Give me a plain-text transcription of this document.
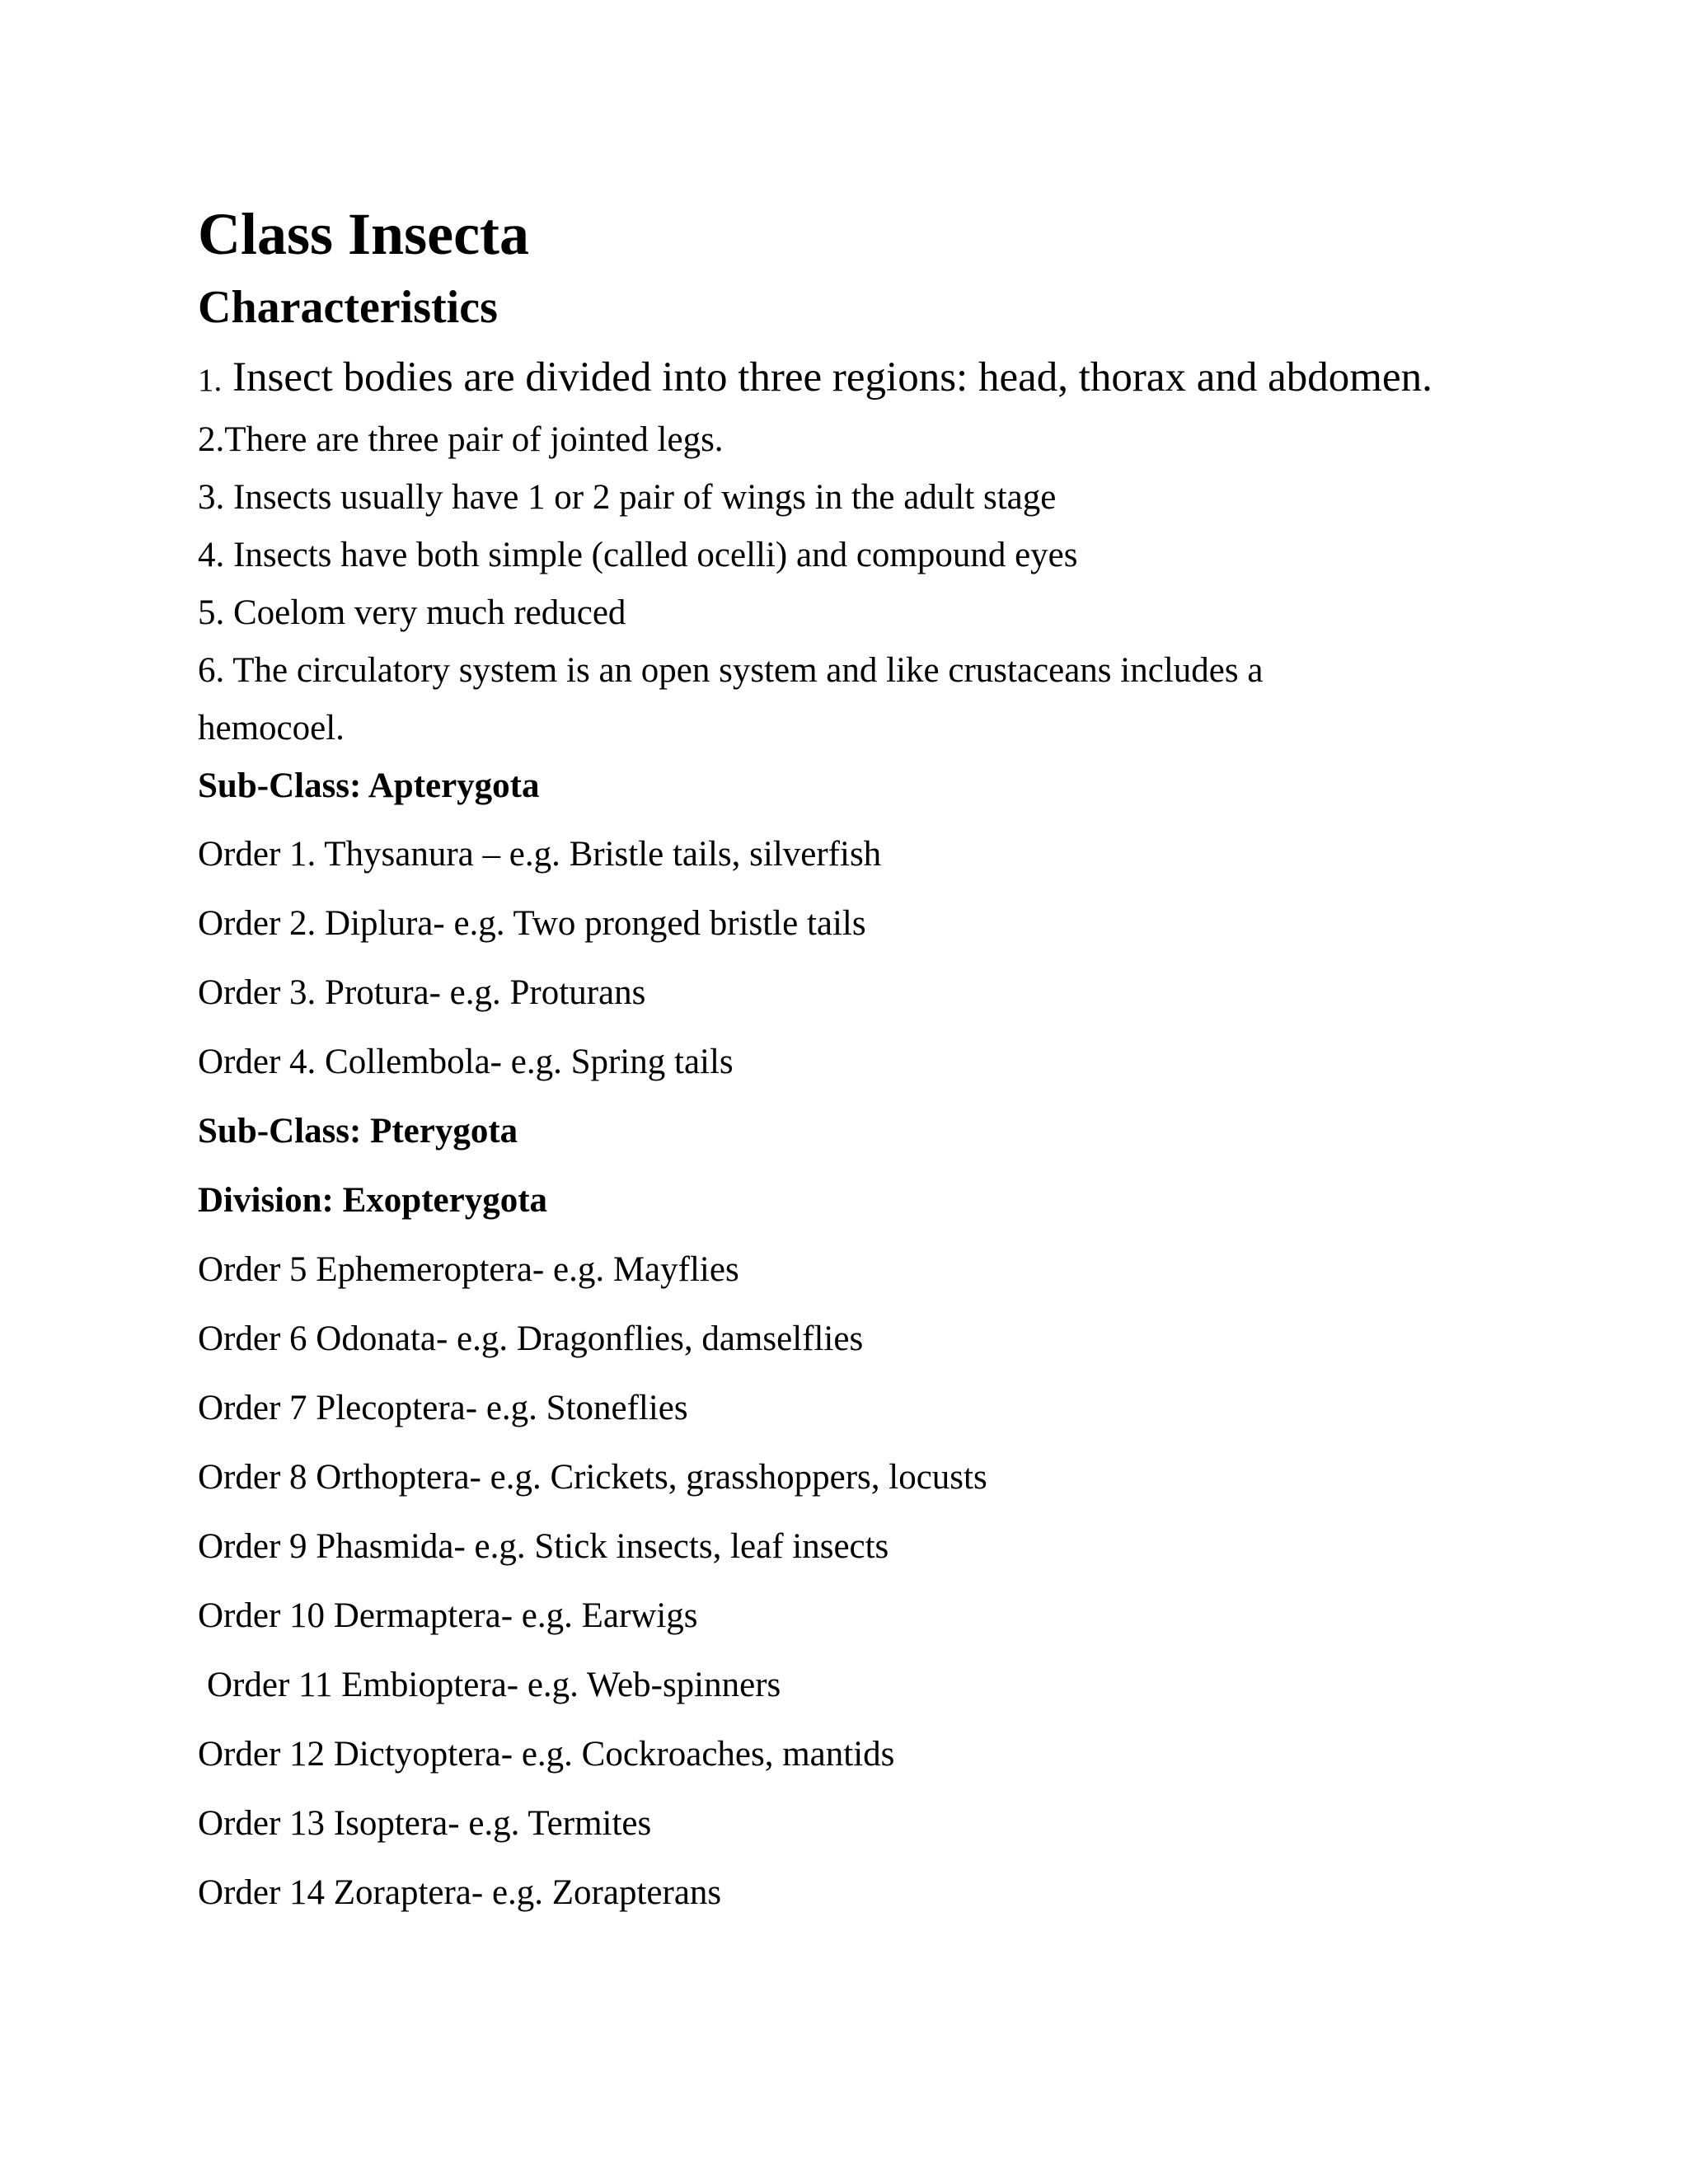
Class Insecta
Characteristics
1. Insect bodies are divided into three regions: head, thorax and abdomen.
2.There are three pair of jointed legs.
3. Insects usually have 1 or 2 pair of wings in the adult stage
4. Insects have both simple (called ocelli) and compound eyes
5. Coelom very much reduced
6. The circulatory system is an open system and like crustaceans includes a
hemocoel.
Sub-Class: Apterygota
Order 1. Thysanura – e.g. Bristle tails, silverfish
Order 2. Diplura- e.g. Two pronged bristle tails
Order 3. Protura- e.g. Proturans
Order 4. Collembola- e.g. Spring tails
Sub-Class: Pterygota
Division: Exopterygota
Order 5 Ephemeroptera- e.g. Mayflies
Order 6 Odonata- e.g. Dragonflies, damselflies
Order 7 Plecoptera- e.g. Stoneflies
Order 8 Orthoptera- e.g. Crickets, grasshoppers, locusts
Order 9 Phasmida- e.g. Stick insects, leaf insects
Order 10 Dermaptera- e.g. Earwigs
Order 11 Embioptera- e.g. Web-spinners
Order 12 Dictyoptera- e.g. Cockroaches, mantids
Order 13 Isoptera- e.g. Termites
Order 14 Zoraptera- e.g. Zorapterans
